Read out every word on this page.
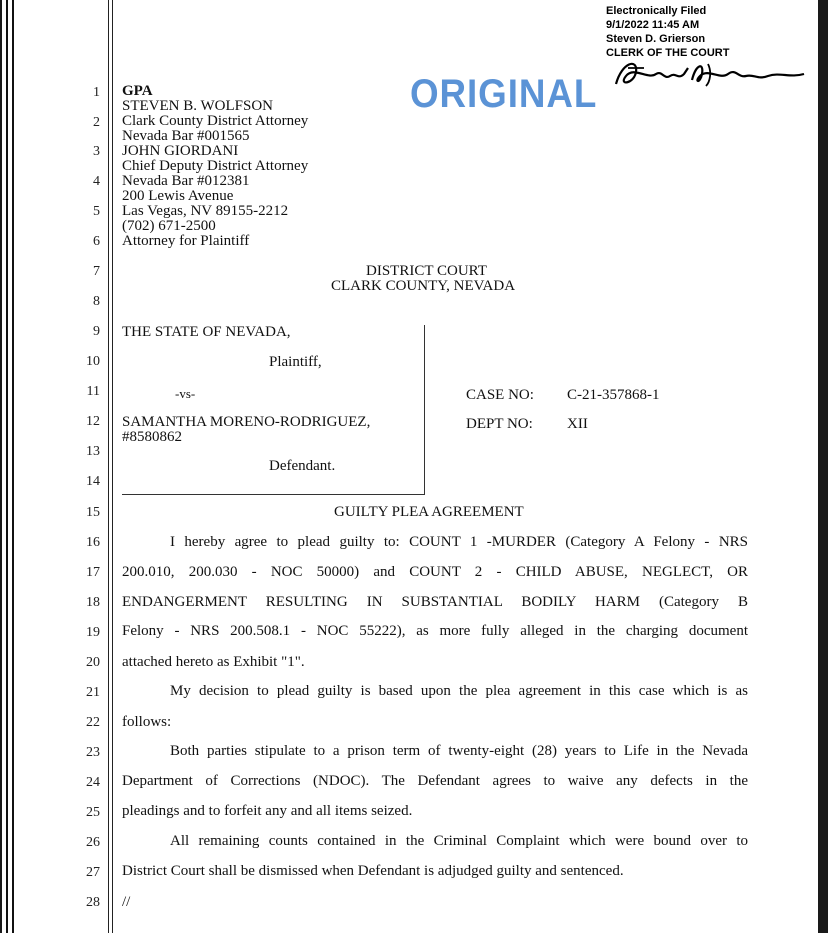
Electronically Filed
9/1/2022 11:45 AM
Steven D. Grierson
CLERK OF THE COURT
ORIGINAL
1
2
3
4
5
6
7
8
9
10
11
12
13
14
15
16
17
18
19
20
21
22
23
24
25
26
27
28
GPA
STEVEN B. WOLFSON
Clark County District Attorney
Nevada Bar #001565
JOHN GIORDANI
Chief Deputy District Attorney
Nevada Bar #012381
200 Lewis Avenue
Las Vegas, NV 89155-2212
(702) 671-2500
Attorney for Plaintiff
DISTRICT COURT
CLARK COUNTY, NEVADA
THE STATE OF NEVADA,
Plaintiff,
-vs-
SAMANTHA MORENO-RODRIGUEZ,
#8580862
Defendant.
CASE NO: C-21-357868-1
DEPT NO: XII
GUILTY PLEA AGREEMENT
I hereby agree to plead guilty to: COUNT 1 -MURDER (Category A Felony - NRS
200.010, 200.030 - NOC 50000) and COUNT 2 - CHILD ABUSE, NEGLECT, OR
ENDANGERMENT RESULTING IN SUBSTANTIAL BODILY HARM (Category B
Felony - NRS 200.508.1 - NOC 55222), as more fully alleged in the charging document
attached hereto as Exhibit "1".
My decision to plead guilty is based upon the plea agreement in this case which is as
follows:
Both parties stipulate to a prison term of twenty-eight (28) years to Life in the Nevada
Department of Corrections (NDOC). The Defendant agrees to waive any defects in the
pleadings and to forfeit any and all items seized.
All remaining counts contained in the Criminal Complaint which were bound over to
District Court shall be dismissed when Defendant is adjudged guilty and sentenced.
//
